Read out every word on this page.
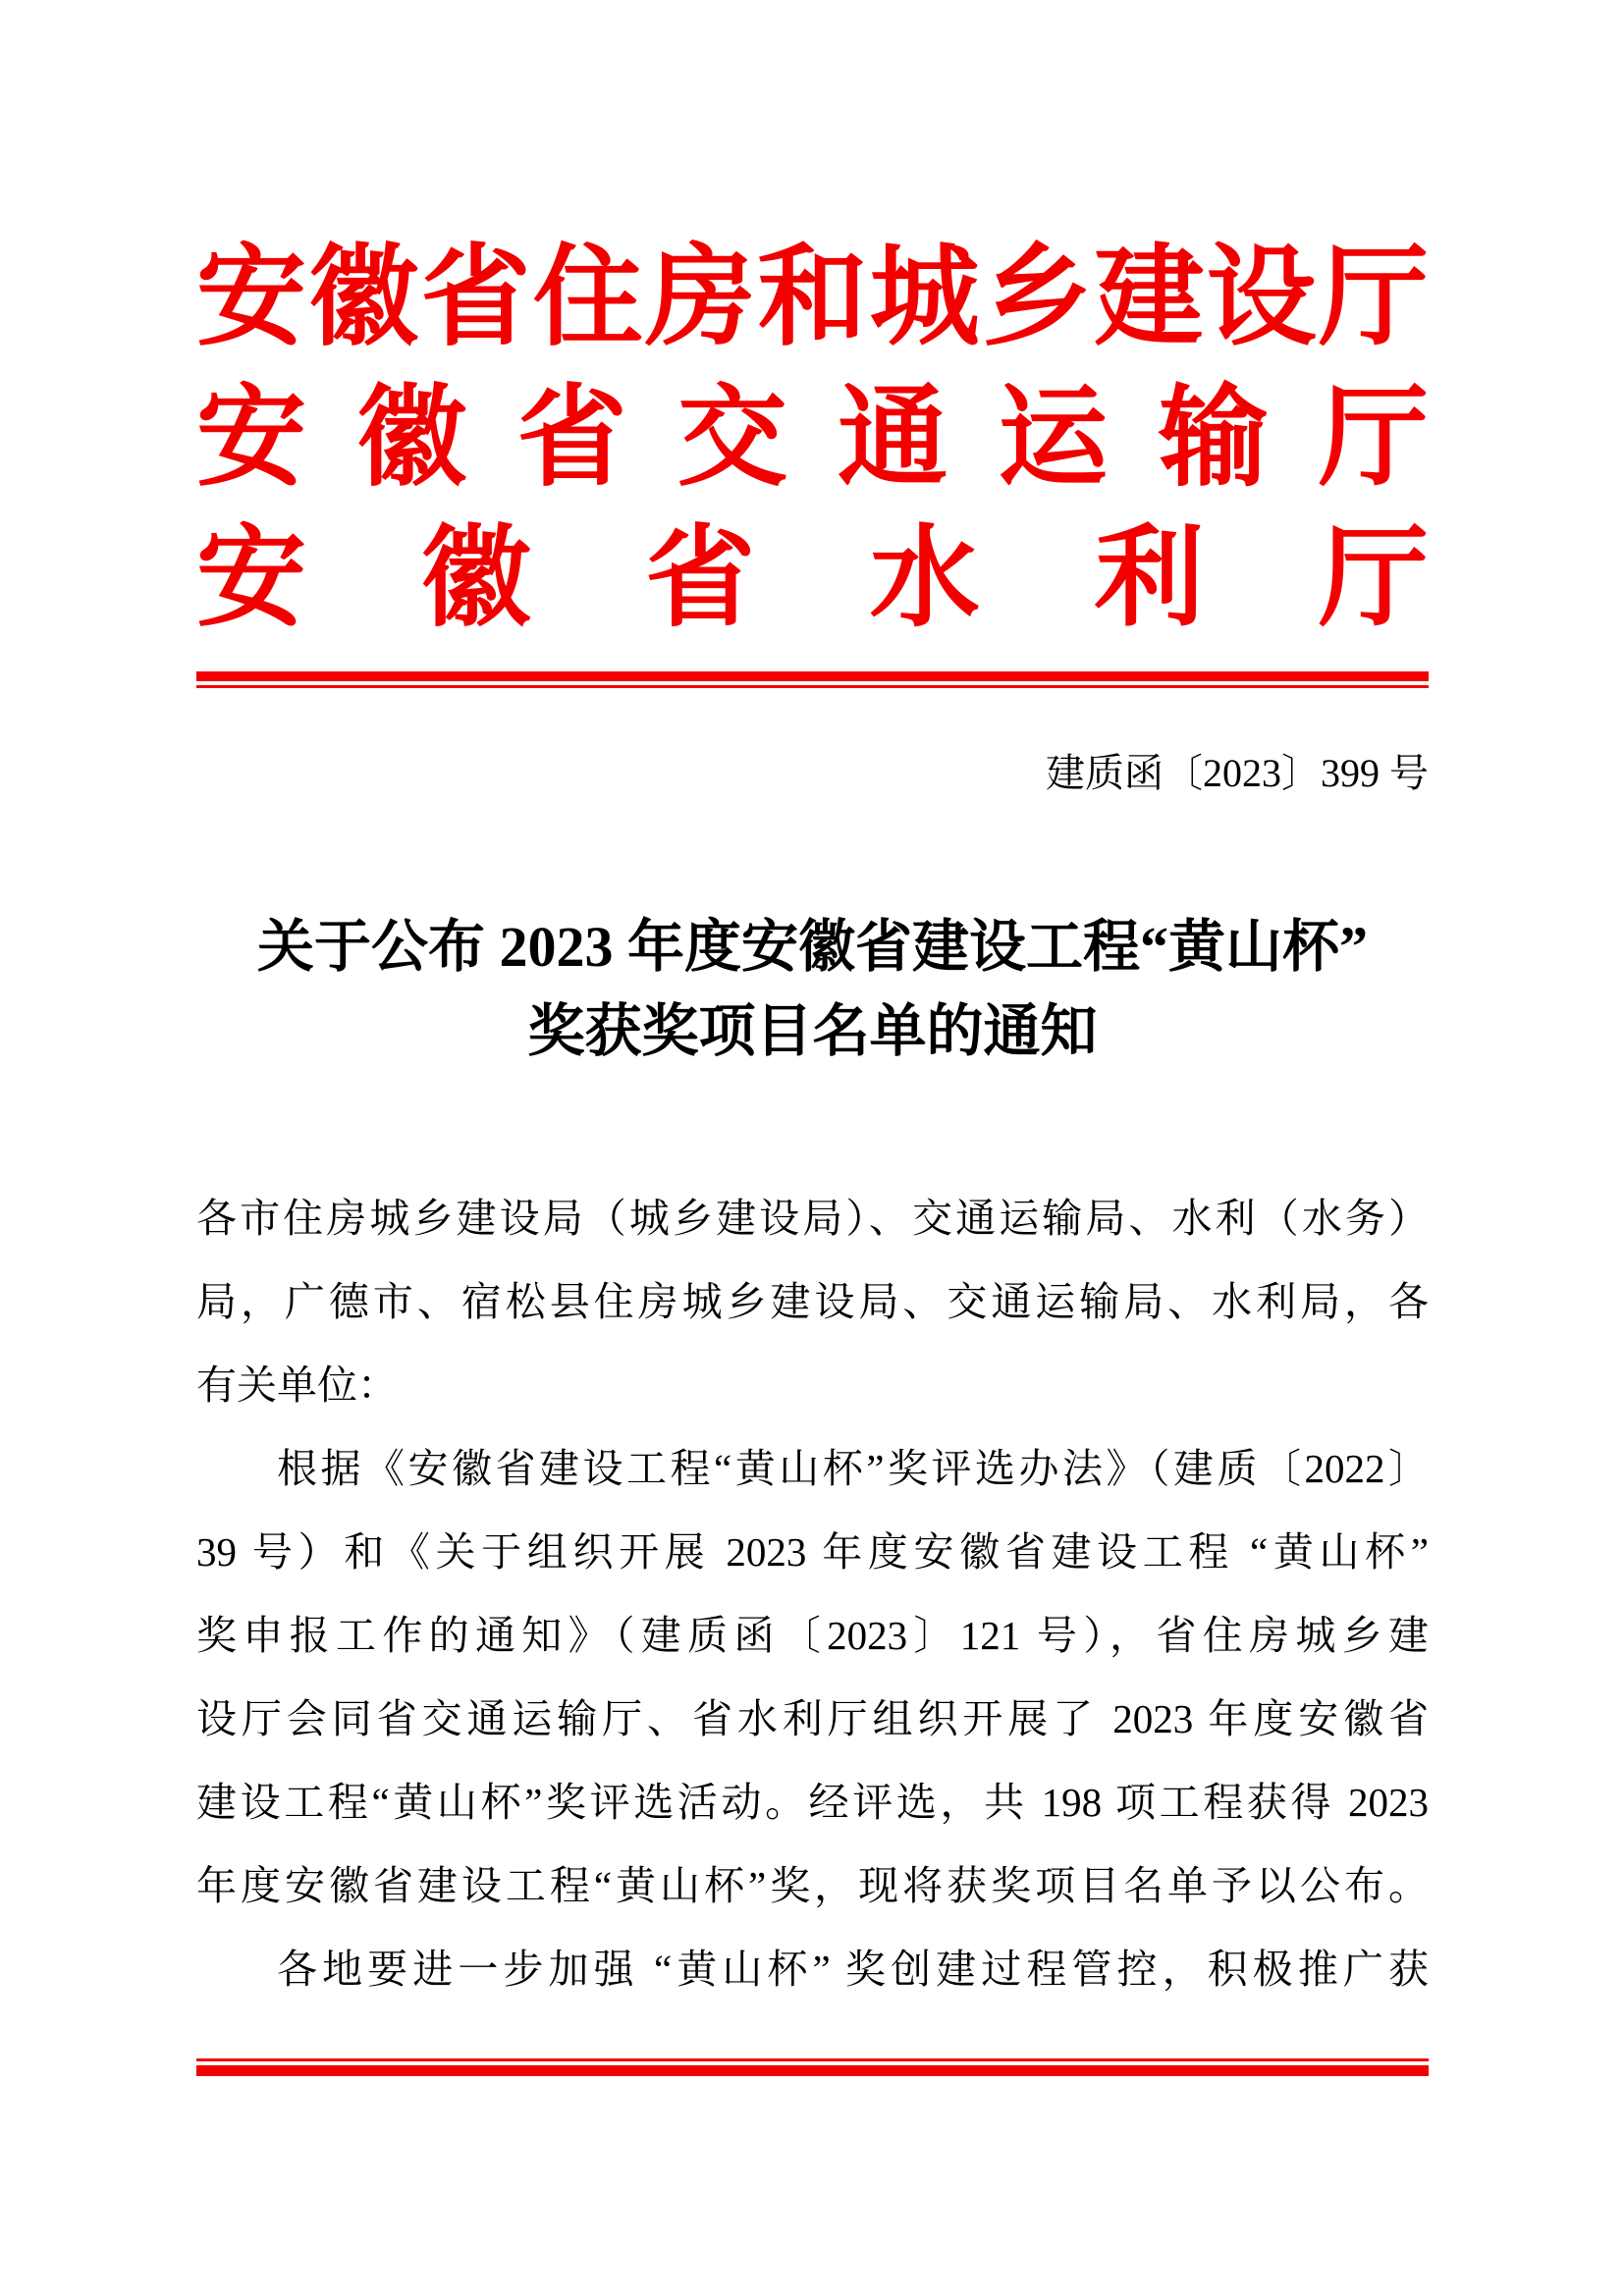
安 徽 省 住 房 和 城 乡 建 设 厅
安 徽 省 交 通 运 输 厅
安 徽 省 水 利 厅
建质函〔2023〕399 号
关于公布 2023 年度安徽省建设工程“黄山杯”
奖获奖项目名单的通知
各市住房城乡建设局（城乡建设局）、交通运输局、水利（水务）
局，广德市、宿松县住房城乡建设局、交通运输局、水利局，各
有关单位：
根据《安徽省建设工程“黄山杯”奖评选办法》（建质〔2022〕
39 号）和《关于组织开展 2023 年度安徽省建设工程 “黄山杯”
奖申报工作的通知》（建质函〔2023〕121 号），省住房城乡建
设厅会同省交通运输厅、省水利厅组织开展了 2023 年度安徽省
建设工程“黄山杯”奖评选活动。经评选，共 198 项工程获得 2023
年度安徽省建设工程“黄山杯”奖，现将获奖项目名单予以公布。
各地要进一步加强 “黄山杯” 奖创建过程管控，积极推广获
